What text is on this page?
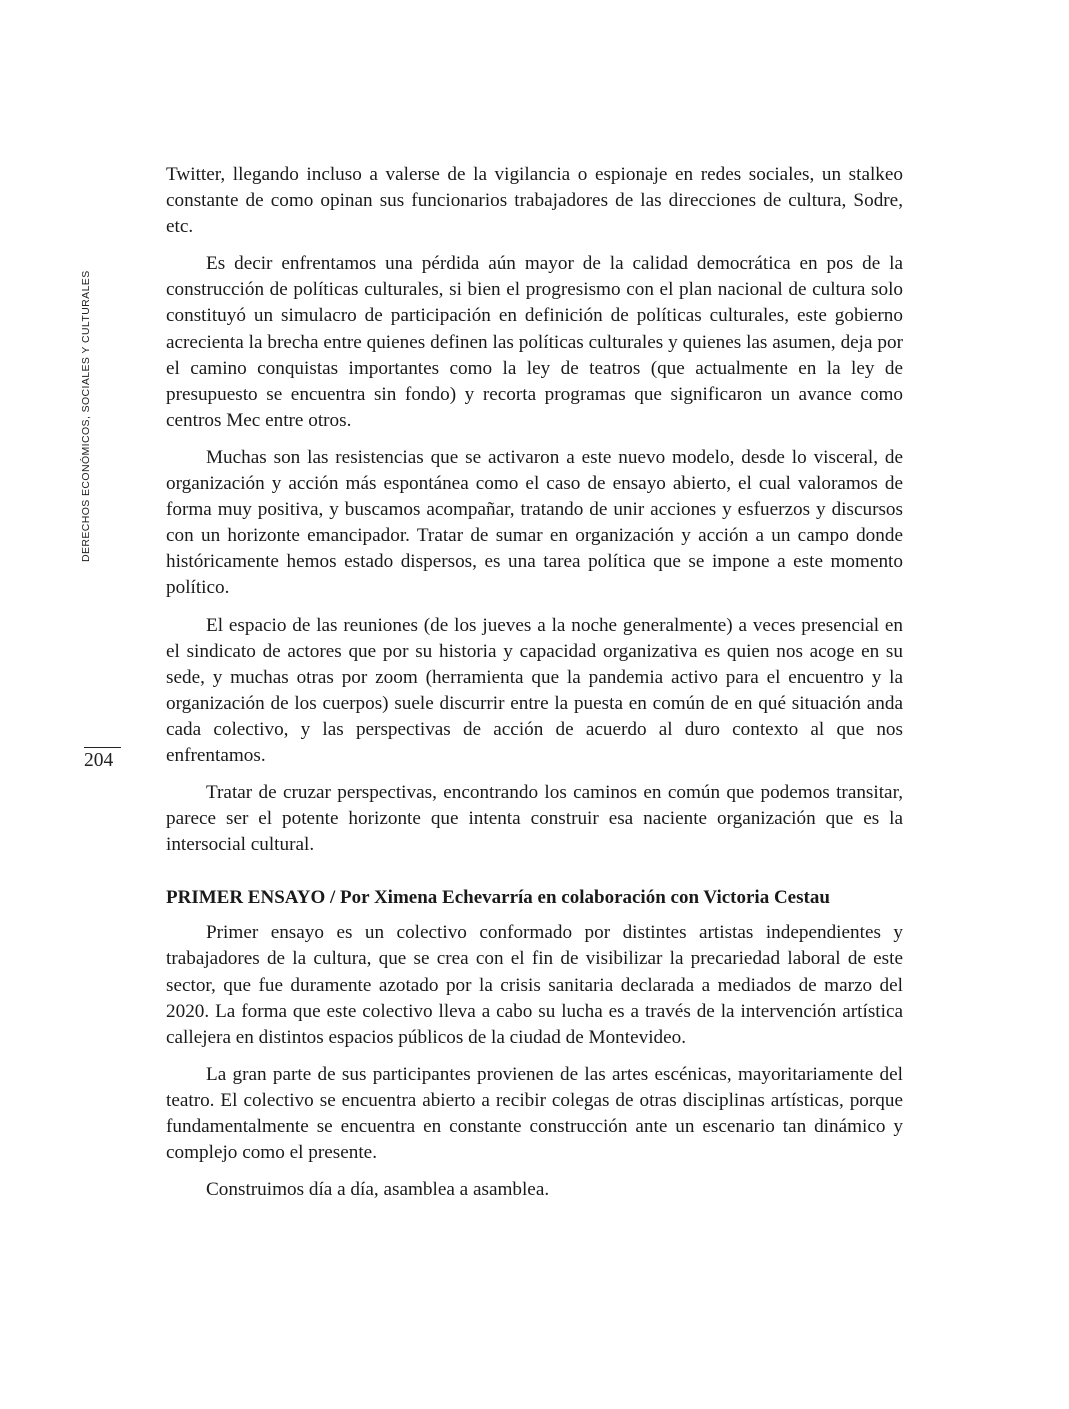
DERECHOS ECONÓMICOS, SOCIALES Y CULTURALES
204

Twitter, llegando incluso a valerse de la vigilancia o espionaje en redes sociales, un stalkeo constante de como opinan sus funcionarios trabajadores de las direcciones de cultura, Sodre, etc.

Es decir enfrentamos una pérdida aún mayor de la calidad democrática en pos de la construcción de políticas culturales, si bien el progresismo con el plan nacional de cultura solo constituyó un simulacro de participación en definición de políticas culturales, este gobierno acrecienta la brecha entre quienes definen las políticas culturales y quienes las asumen, deja por el camino conquistas importantes como la ley de teatros (que actualmente en la ley de presupuesto se encuentra sin fondo) y recorta programas que significaron un avance como centros Mec entre otros.

Muchas son las resistencias que se activaron a este nuevo modelo, desde lo visceral, de organización y acción más espontánea como el caso de ensayo abierto, el cual valoramos de forma muy positiva, y buscamos acompañar, tratando de unir acciones y esfuerzos y discursos con un horizonte emancipador. Tratar de sumar en organización y acción a un campo donde históricamente hemos estado dispersos, es una tarea política que se impone a este momento político.

El espacio de las reuniones (de los jueves a la noche generalmente) a veces presencial en el sindicato de actores que por su historia y capacidad organizativa es quien nos acoge en su sede, y muchas otras por zoom (herramienta que la pandemia activo para el encuentro y la organización de los cuerpos) suele discurrir entre la puesta en común de en qué situación anda cada colectivo, y las perspectivas de acción de acuerdo al duro contexto al que nos enfrentamos.

Tratar de cruzar perspectivas, encontrando los caminos en común que podemos transitar, parece ser el potente horizonte que intenta construir esa naciente organización que es la intersocial cultural.

PRIMER ENSAYO / Por Ximena Echevarría en colaboración con Victoria Cestau

Primer ensayo es un colectivo conformado por distintes artistas independientes y trabajadores de la cultura, que se crea con el fin de visibilizar la precariedad laboral de este sector, que fue duramente azotado por la crisis sanitaria declarada a mediados de marzo del 2020. La forma que este colectivo lleva a cabo su lucha es a través de la intervención artística callejera en distintos espacios públicos de la ciudad de Montevideo.

La gran parte de sus participantes provienen de las artes escénicas, mayoritariamente del teatro. El colectivo se encuentra abierto a recibir colegas de otras disciplinas artísticas, porque fundamentalmente se encuentra en constante construcción ante un escenario tan dinámico y complejo como el presente.

Construimos día a día, asamblea a asamblea.
